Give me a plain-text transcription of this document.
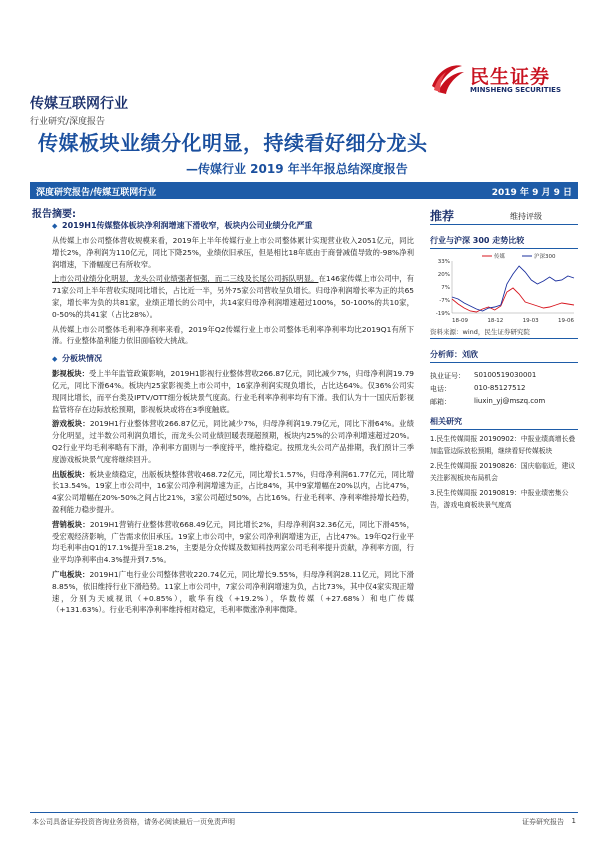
民生证券
MINSHENG SECURITIES
传媒互联网行业
行业研究/深度报告
传媒板块业绩分化明显，持续看好细分龙头
—传媒行业 2019 年半年报总结深度报告
深度研究报告/传媒互联网行业	2019 年 9 月 9 日
报告摘要:
◆ 2019H1传媒整体板块净利润增速下滑收窄，板块内公司业绩分化严重

从传媒上市公司整体营收规模来看，2019年上半年传媒行业上市公司整体累计实现营业收入2051亿元，同比增长2%，净利润为110亿元，同比下降25%，业绩依旧承压，但是相比18年底由于商誉减值导致的-98%净利润增速，下滑幅度已有所收窄。

上市公司业绩分化明显，龙头公司业绩强者恒强，而二三线及长尾公司拆队明显。在146家传媒上市公司中，有71家公司上半年营收实现同比增长，占比近一半，另外75家公司营收呈负增长。归母净利润增长率为正的共65家，增长率为负的共81家，业绩正增长的公司中，共14家归母净利润增速超过100%，50-100%的共10家，0-50%的共41家（占比28%）。

从传媒上市公司整体毛利率净利率来看，2019年Q2传媒行业上市公司整体毛利率净利率均比2019Q1有所下滑。行业整体盈利能力依旧面临较大挑战。

◆ 分板块情况

影视板块：受上半年监管政策影响，2019H1影视行业整体营收266.87亿元，同比减少7%，归母净利润19.79亿元，同比下滑64%。板块内25家影视类上市公司中，16家净利润实现负增长，占比达64%。仅36%公司实现同比增长，而平台类及IPTV/OTT细分板块景气度高。行业毛利率净利率均有下滑。我们认为十一国庆后影视监管将存在边际放松预期，影视板块或将在3季度触底。

游戏板块：2019H1行业整体营收266.87亿元，同比减少7%，归母净利润19.79亿元，同比下滑64%。业绩分化明显，过半数公司利润负增长，而龙头公司业绩回暖表现超预期，板块内25%的公司净利增速超过20%。Q2行业平均毛利率略有下滑，净利率方面则与一季度持平，维持稳定。按照龙头公司产品排期，我们预计三季度游戏板块景气度将继续回升。

出版板块：板块业绩稳定，出版板块整体营收468.72亿元，同比增长1.57%，归母净利润61.77亿元，同比增长13.54%。19家上市公司中，16家公司净利润增速为正，占比84%，其中9家增幅在20%以内，占比47%，4家公司增幅在20%-50%之间占比21%，3家公司超过50%，占比16%。行业毛利率、净利率维持增长趋势，盈利能力稳步提升。

营销板块：2019H1营销行业整体营收668.49亿元，同比增长2%，归母净利润32.36亿元，同比下滑45%，受宏观经济影响，广告需求依旧承压。19家上市公司中，9家公司净利润增速为正，占比47%。19年Q2行业平均毛利率由Q1的17.1%提升至18.2%，主要是分众传媒及数知科技两家公司毛利率提升贡献，净利率方面，行业平均净利率由4.3%提升到7.5%。

广电板块：2019H1广电行业公司整体营收220.74亿元，同比增长9.55%，归母净利润28.11亿元，同比下滑8.85%，依旧维持行业下滑趋势。11家上市公司中，7家公司净利润增速为负，占比73%，其中仅4家实现正增速，分别为天威视讯（+0.85%），歌华有线（+19.2%），华数传媒（+27.68%）和电广传媒（+131.63%）。行业毛利率净利率维持相对稳定，毛利率微涨净利率微降。

推荐	维持评级
行业与沪深 300 走势比较
33%
20%
7%
-7%
-19%
18-09	18-12	19-03	19-06
传媒	沪深300
资料来源：wind，民生证券研究院
分析师：刘欣
执业证号： S0100519030001
电话：	010-85127512
邮箱：	liuxin_yj@mszq.com
相关研究
1.民生传媒周报 20190902：中报业绩高增长叠加监管边际放松预期，继续看好传媒板块
2.民生传媒周报 20190826：国庆临临近，建议关注影视板块布局机会
3.民生传媒周报 20190819：中报业绩密集公告，游戏电商板块景气度高
本公司具备证券投资咨询业务资格，请务必阅读最后一页免责声明	证券研究报告 1
